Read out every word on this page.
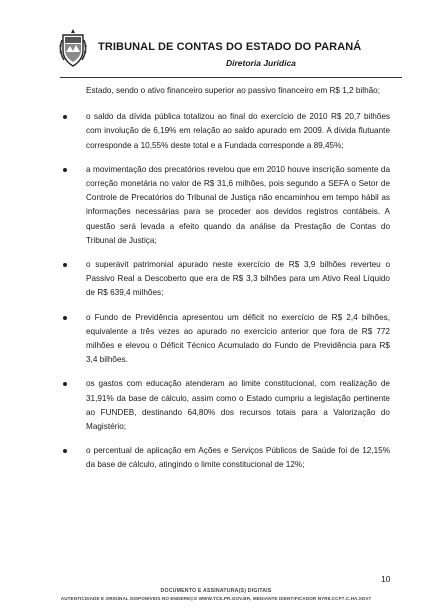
TRIBUNAL DE CONTAS DO ESTADO DO PARANÁ
Diretoria Jurídica

Estado, sendo o ativo financeiro superior ao passivo financeiro em R$ 1,2 bilhão;

o saldo da dívida pública totalizou ao final do exercício de 2010 R$ 20,7 bilhões com involução de 6,19% em relação ao saldo apurado em 2009. A dívida flutuante corresponde a 10,55% deste total e a Fundada corresponde a 89,45%;

a movimentação dos precatórios revelou que em 2010 houve inscrição somente da correção monetária no valor de R$ 31,6 milhões, pois segundo a SEFA o Setor de Controle de Precatórios do Tribunal de Justiça não encaminhou em tempo hábil as informações necessárias para se proceder aos devidos registros contábeis. A questão será levada a efeito quando da análise da Prestação de Contas do Tribunal de Justiça;

o superávit patrimonial apurado neste exercício de R$ 3,9 bilhões reverteu o Passivo Real a Descoberto que era de R$ 3,3 bilhões para um Ativo Real Líquido de R$ 639,4 milhões;

o Fundo de Previdência apresentou um déficit no exercício de R$ 2,4 bilhões, equivalente a três vezes ao apurado no exercício anterior que fora de R$ 772 milhões e elevou o Déficit Técnico Acumulado do Fundo de Previdência para R$ 3,4 bilhões.

os gastos com educação atenderam ao limite constitucional, com realização de 31,91% da base de cálculo, assim como o Estado cumpriu a legislação pertinente ao FUNDEB, destinando 64,80% dos recursos totais para a Valorização do Magistério;

o percentual de aplicação em Ações e Serviços Públicos de Saúde foi de 12,15% da base de cálculo, atingindo o limite constitucional de 12%;

10
DOCUMENTO E ASSINATURA(S) DIGITAIS
AUTENTICIDADE E ORIGINAL DISPONÍVEIS NO ENDEREÇO WWW.TCE.PR.GOV.BR, MEDIANTE IDENTIFICADOR NYR8.CCP7.C.HA.XDV7
